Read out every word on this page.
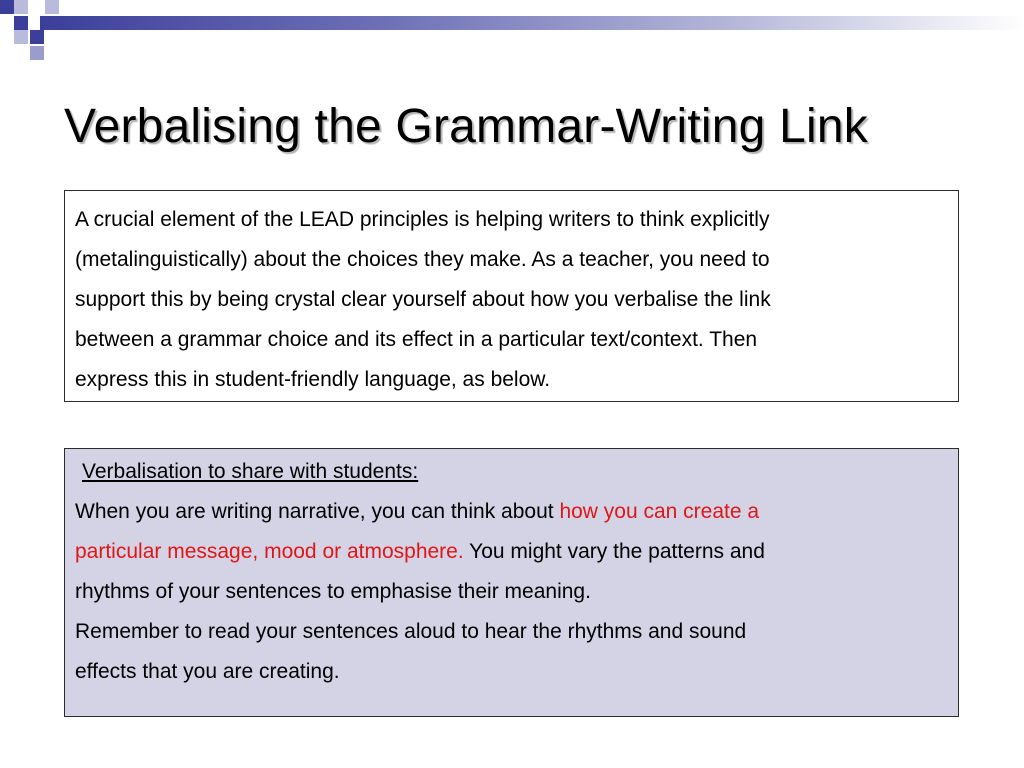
Verbalising the Grammar-Writing Link

A crucial element of the LEAD principles is helping writers to think explicitly
(metalinguistically) about the choices they make. As a teacher, you need to
support this by being crystal clear yourself about how you verbalise the link
between a grammar choice and its effect in a particular text/context. Then
express this in student-friendly language, as below.

Verbalisation to share with students:

When you are writing narrative, you can think about how you can create a
particular message, mood or atmosphere. You might vary the patterns and
rhythms of your sentences to emphasise their meaning.
Remember to read your sentences aloud to hear the rhythms and sound
effects that you are creating.
